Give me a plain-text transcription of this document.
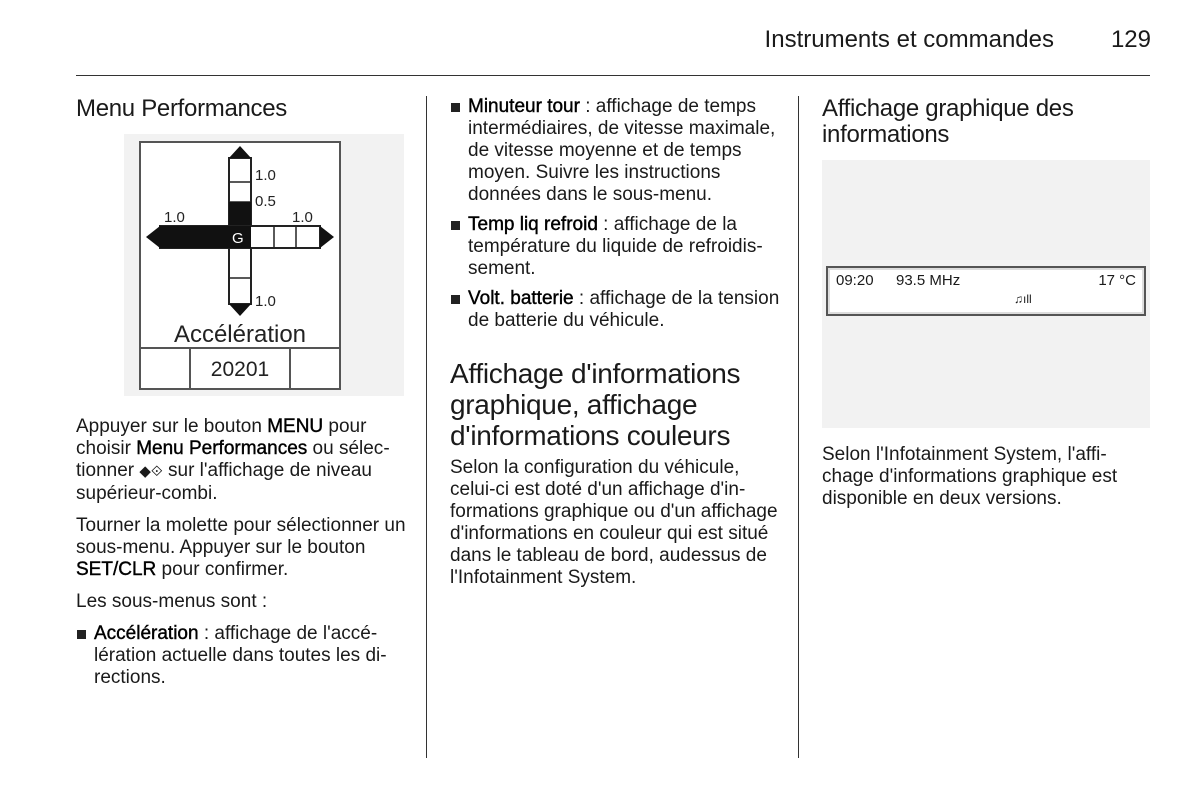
Instruments et commandes 129
Menu Performances
1.0
0.5
1.0	1.0
1.0
G
Accélération
20201

Appuyer sur le bouton MENU pour choisir Menu Performances ou sélectionner ◆⟐ sur l'affichage de niveau supérieur-combi.

Tourner la molette pour sélectionner un sous-menu. Appuyer sur le bouton SET/CLR pour confirmer.

Les sous-menus sont :

Accélération : affichage de l'accélération actuelle dans toutes les directions.
Minuteur tour : affichage de temps intermédiaires, de vitesse maximale, de vitesse moyenne et de temps moyen. Suivre les instructions données dans le sous-menu.
Temp liq refroid : affichage de la température du liquide de refroidissement.
Volt. batterie : affichage de la tension de batterie du véhicule.
Affichage d'informations graphique, affichage d'informations couleurs

Selon la configuration du véhicule, celui-ci est doté d'un affichage d'informations graphique ou d'un affichage d'informations en couleur qui est situé dans le tableau de bord, audessus de l'Infotainment System.

Affichage graphique des informations
09:20 93.5 MHz	17 °C
♫ıll

Selon l'Infotainment System, l'affichage d'informations graphique est disponible en deux versions.
